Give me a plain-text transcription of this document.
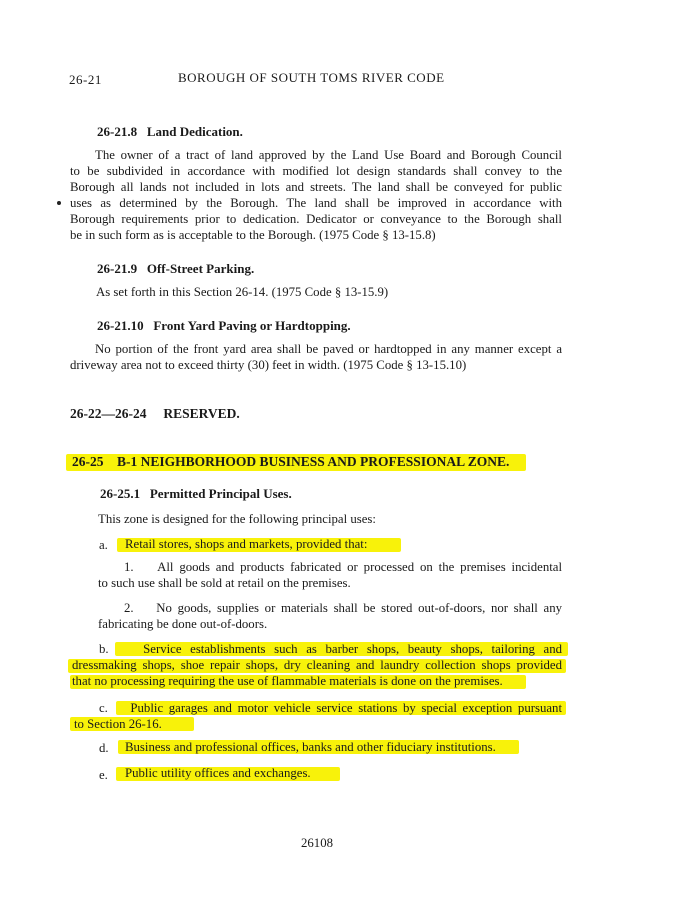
26-21	BOROUGH OF SOUTH TOMS RIVER CODE
26-21.8 Land Dedication.
The owner of a tract of land approved by the Land Use Board and Borough Council
to be subdivided in accordance with modified lot design standards shall convey to the
Borough all lands not included in lots and streets. The land shall be conveyed for public
uses as determined by the Borough. The land shall be improved in accordance with
Borough requirements prior to dedication. Dedicator or conveyance to the Borough shall
be in such form as is acceptable to the Borough. (1975 Code § 13-15.8)
26-21.9 Off-Street Parking.
As set forth in this Section 26-14. (1975 Code § 13-15.9)
26-21.10 Front Yard Paving or Hardtopping.
No portion of the front yard area shall be paved or hardtopped in any manner except a
driveway area not to exceed thirty (30) feet in width. (1975 Code § 13-15.10)
26-22—26-24 RESERVED.
26-25 B-1 NEIGHBORHOOD BUSINESS AND PROFESSIONAL ZONE.
26-25.1 Permitted Principal Uses.
This zone is designed for the following principal uses:
a. Retail stores, shops and markets, provided that:
1. All goods and products fabricated or processed on the premises incidental
to such use shall be sold at retail on the premises.
2. No goods, supplies or materials shall be stored out-of-doors, nor shall any
fabricating be done out-of-doors.
b.	Service establishments such as barber shops, beauty shops, tailoring and
dressmaking shops, shoe repair shops, dry cleaning and laundry collection shops provided
that no processing requiring the use of flammable materials is done on the premises.
c. Public garages and motor vehicle service stations by special exception pursuant
to Section 26-16.
d. Business and professional offices, banks and other fiduciary institutions.
e. Public utility offices and exchanges.
26108
